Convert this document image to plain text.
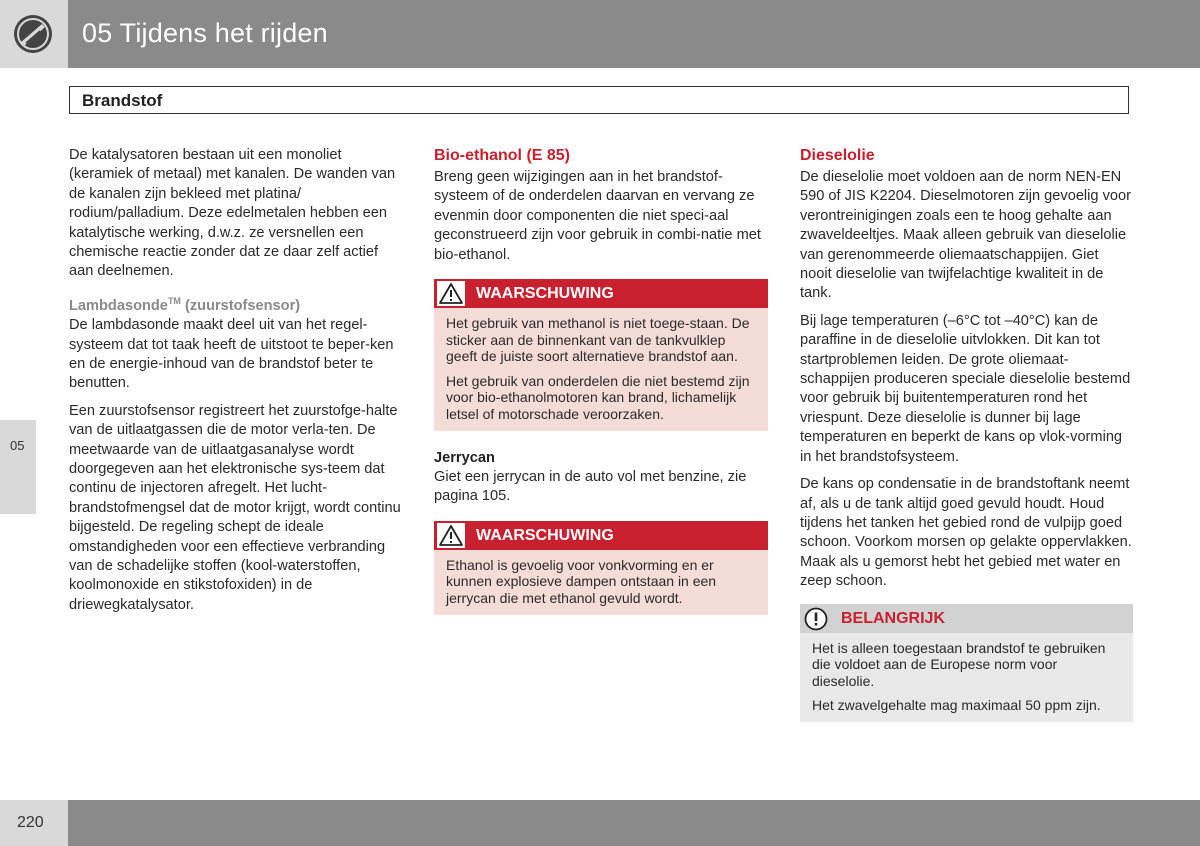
05 Tijdens het rijden
Brandstof
05

De katalysatoren bestaan uit een monoliet (keramiek of metaal) met kanalen. De wanden van de kanalen zijn bekleed met platina/ rodium/palladium. Deze edelmetalen hebben een katalytische werking, d.w.z. ze versnellen een chemische reactie zonder dat ze daar zelf actief aan deelnemen.

Lambdasonde™ (zuurstofsensor)

De lambdasonde maakt deel uit van het regel-systeem dat tot taak heeft de uitstoot te beper-ken en de energie-inhoud van de brandstof beter te benutten.

Een zuurstofsensor registreert het zuurstofge-halte van de uitlaatgassen die de motor verla-ten. De meetwaarde van de uitlaatgasanalyse wordt doorgegeven aan het elektronische sys-teem dat continu de injectoren afregelt. Het lucht-brandstofmengsel dat de motor krijgt, wordt continu bijgesteld. De regeling schept de ideale omstandigheden voor een effectieve verbranding van de schadelijke stoffen (kool-waterstoffen, koolmonoxide en stikstofoxiden) in de driewegkatalysator.

Bio-ethanol (E 85)

Breng geen wijzigingen aan in het brandstof-systeem of de onderdelen daarvan en vervang ze evenmin door componenten die niet speci-aal geconstrueerd zijn voor gebruik in combi-natie met bio-ethanol.

WAARSCHUWING

Het gebruik van methanol is niet toege-staan. De sticker aan de binnenkant van de tankvulklep geeft de juiste soort alternatieve brandstof aan.

Het gebruik van onderdelen die niet bestemd zijn voor bio-ethanolmotoren kan brand, lichamelijk letsel of motorschade veroorzaken.

Jerrycan

Giet een jerrycan in de auto vol met benzine, zie pagina 105.

WAARSCHUWING

Ethanol is gevoelig voor vonkvorming en er kunnen explosieve dampen ontstaan in een jerrycan die met ethanol gevuld wordt.

Dieselolie

De dieselolie moet voldoen aan de norm NEN-EN 590 of JIS K2204. Dieselmotoren zijn gevoelig voor verontreinigingen zoals een te hoog gehalte aan zwaveldeeltjes. Maak alleen gebruik van dieselolie van gerenommeerde oliemaatschappijen. Giet nooit dieselolie van twijfelachtige kwaliteit in de tank.

Bij lage temperaturen (–6°C tot –40°C) kan de paraffine in de dieselolie uitvlokken. Dit kan tot startproblemen leiden. De grote oliemaat-schappijen produceren speciale dieselolie bestemd voor gebruik bij buitentemperaturen rond het vriespunt. Deze dieselolie is dunner bij lage temperaturen en beperkt de kans op vlok-vorming in het brandstofsysteem.

De kans op condensatie in de brandstoftank neemt af, als u de tank altijd goed gevuld houdt. Houd tijdens het tanken het gebied rond de vulpijp goed schoon. Voorkom morsen op gelakte oppervlakken. Maak als u gemorst hebt het gebied met water en zeep schoon.

BELANGRIJK

Het is alleen toegestaan brandstof te gebruiken die voldoet aan de Europese norm voor dieselolie.

Het zwavelgehalte mag maximaal 50 ppm zijn.

220
